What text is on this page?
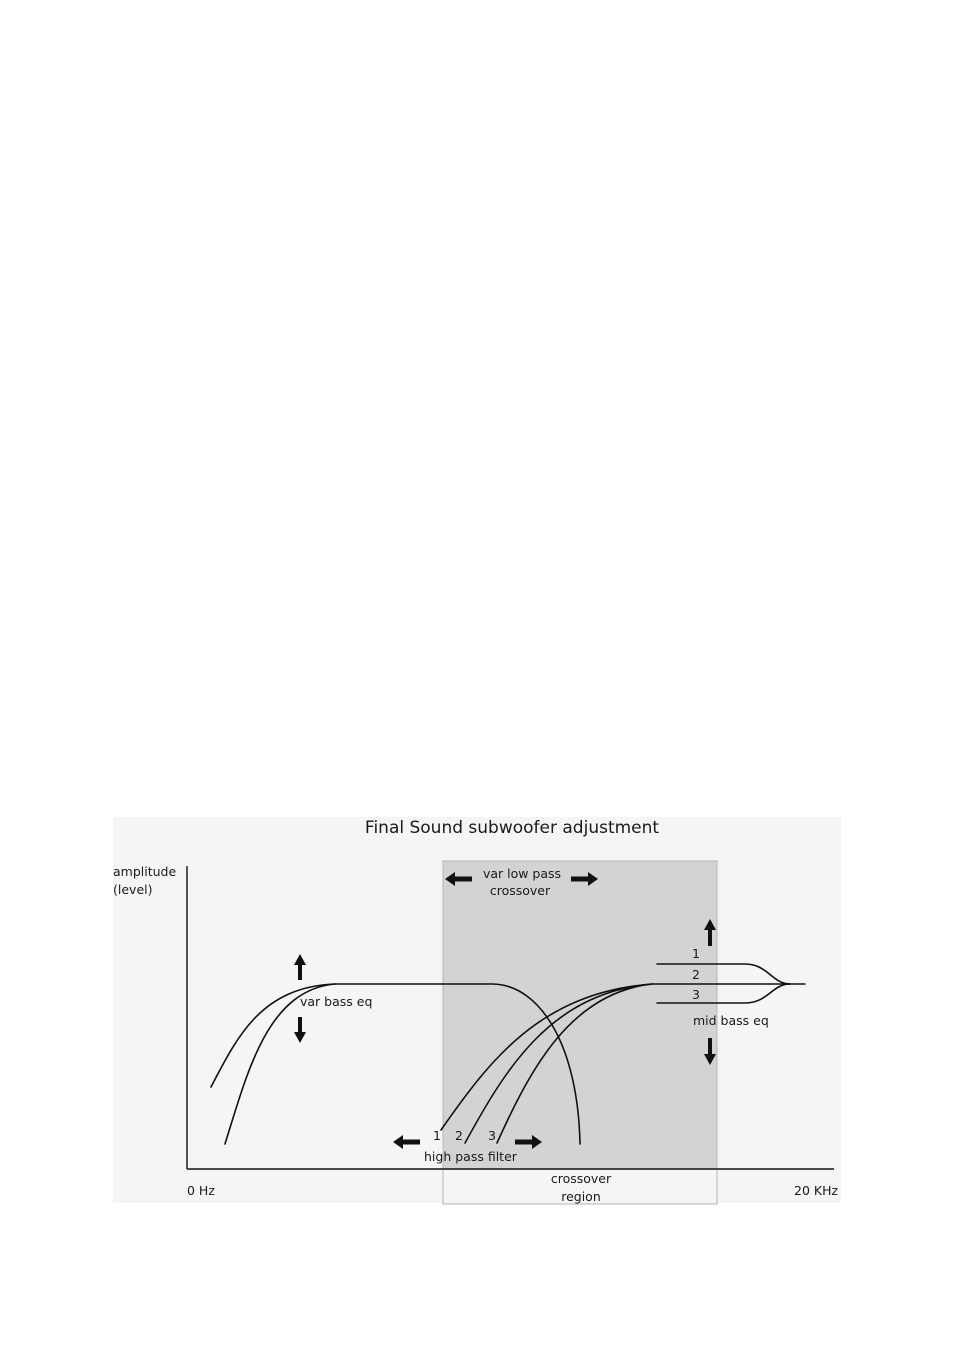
Final Sound subwoofer adjustment
amplitude
(level)
0 Hz	20 KHz
var low pass
crossover
crossover
region
var bass eq
1 2 3
high pass filter
1
2
3
mid bass eq
